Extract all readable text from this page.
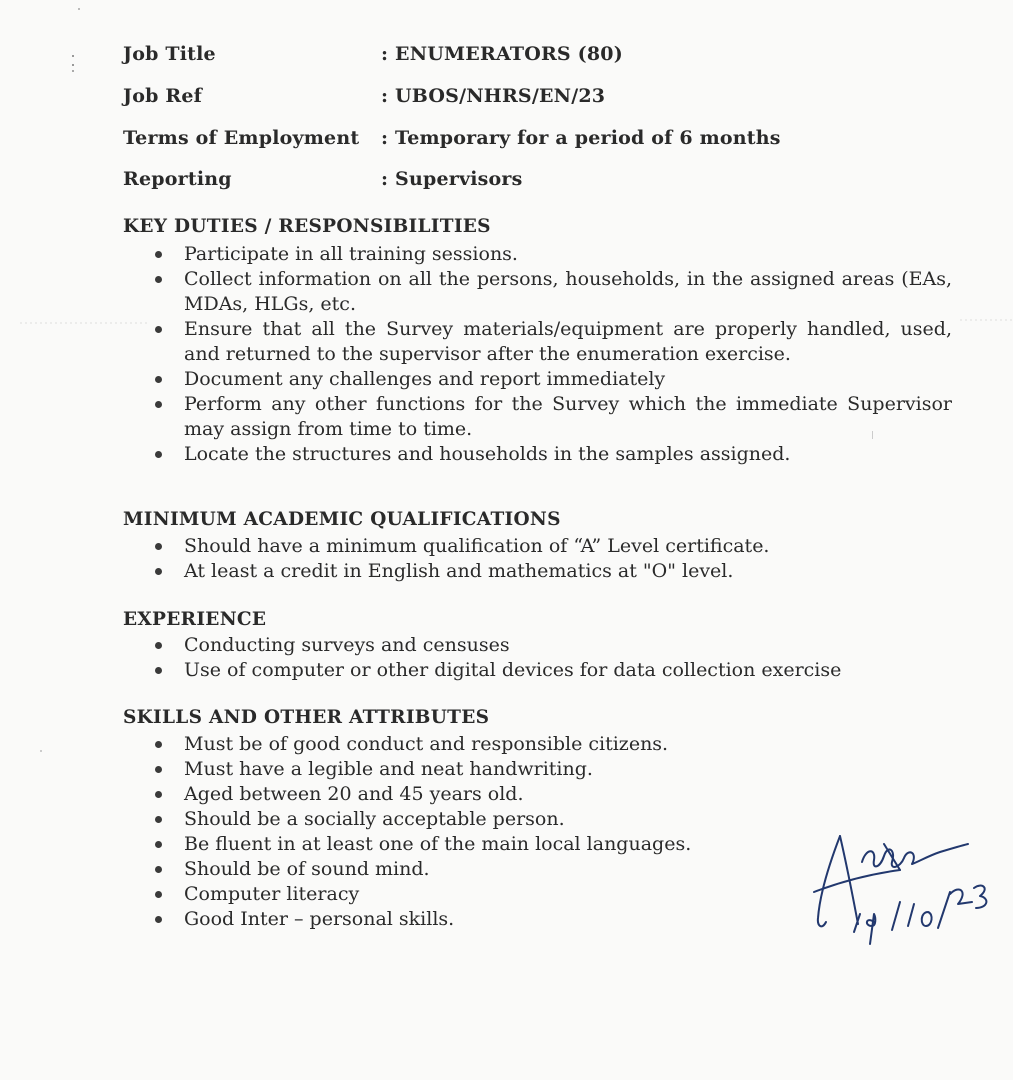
Job Title	: ENUMERATORS (80)
Job Ref	: UBOS/NHRS/EN/23
Terms of Employment : Temporary for a period of 6 months
Reporting	: Supervisors
KEY DUTIES / RESPONSIBILITIES
Participate in all training sessions.
Collect information on all the persons, households, in the assigned areas (EAs, MDAs, HLGs, etc.
Ensure that all the Survey materials/equipment are properly handled, used, and returned to the supervisor after the enumeration exercise.
Document any challenges and report immediately
Perform any other functions for the Survey which the immediate Supervisor may assign from time to time.
Locate the structures and households in the samples assigned.
MINIMUM ACADEMIC QUALIFICATIONS
Should have a minimum qualification of “A” Level certificate.
At least a credit in English and mathematics at "O" level.
EXPERIENCE
Conducting surveys and censuses
Use of computer or other digital devices for data collection exercise
SKILLS AND OTHER ATTRIBUTES
Must be of good conduct and responsible citizens.
Must have a legible and neat handwriting.
Aged between 20 and 45 years old.
Should be a socially acceptable person.
Be fluent in at least one of the main local languages.
Should be of sound mind.
Computer literacy
Good Inter – personal skills.
